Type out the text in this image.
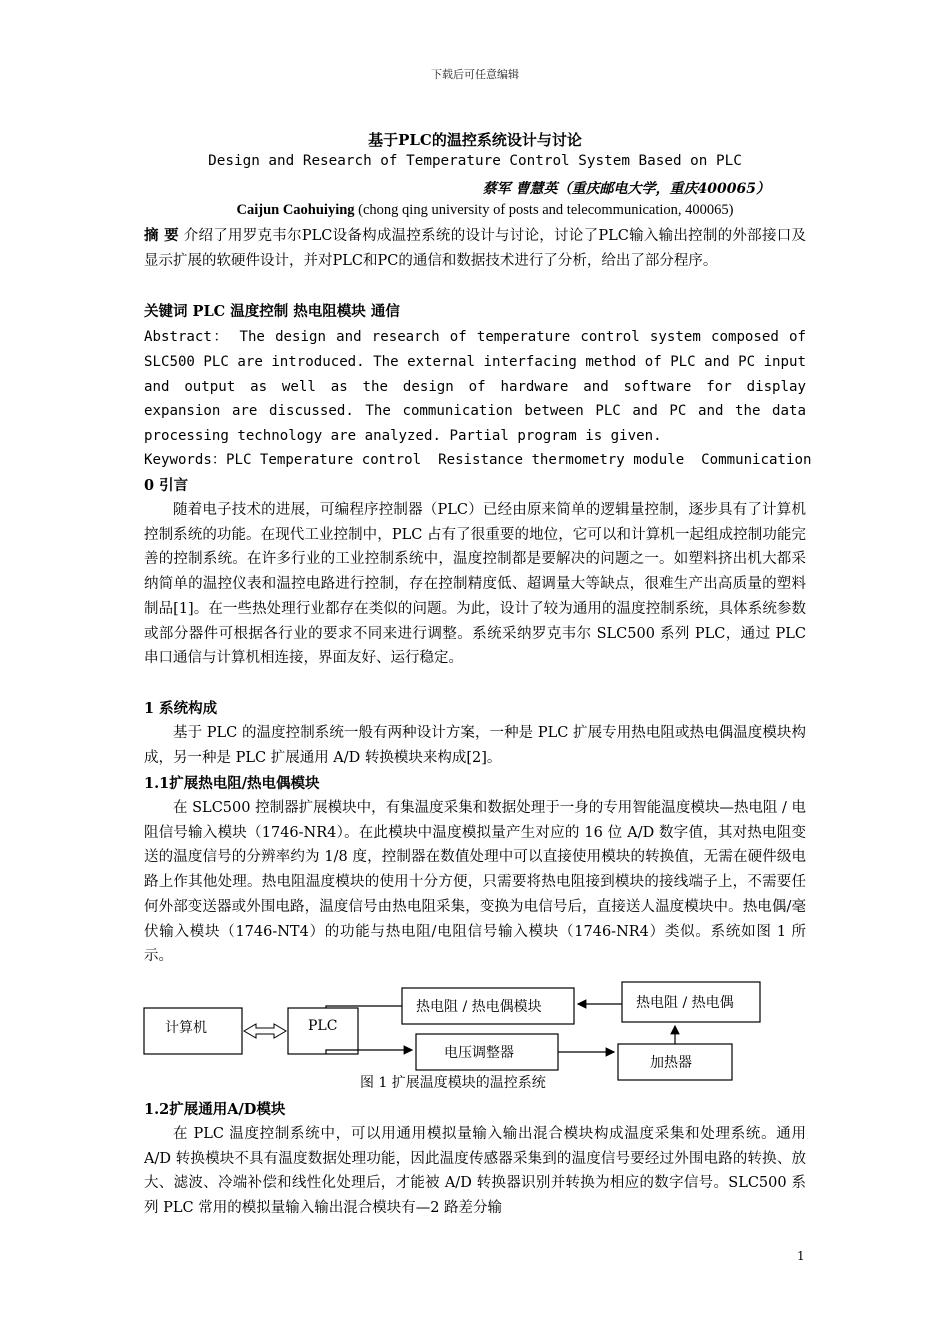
下载后可任意编辑
基于PLC的温控系统设计与讨论
Design and Research of Temperature Control System Based on PLC
蔡军 曹慧英（重庆邮电大学，重庆400065）
Caijun Caohuiying (chong qing university of posts and telecommunication, 400065)
摘 要 介绍了用罗克韦尔PLC设备构成温控系统的设计与讨论，讨论了PLC输入输出控制的外部接口及显示扩展的软硬件设计，并对PLC和PC的通信和数据技术进行了分析，给出了部分程序。
关键词 PLC 温度控制 热电阻模块 通信
Abstract： The design and research of temperature control system composed of SLC500 PLC are introduced. The external interfacing method of PLC and PC input and output as well as the design of hardware and software for display expansion are discussed. The communication between PLC and PC and the data processing technology are analyzed. Partial program is given.
Keywords：PLC Temperature control  Resistance thermometry module  Communication
0 引言
随着电子技术的进展，可编程序控制器（PLC）已经由原来简单的逻辑量控制，逐步具有了计算机控制系统的功能。在现代工业控制中，PLC 占有了很重要的地位，它可以和计算机一起组成控制功能完善的控制系统。在许多行业的工业控制系统中，温度控制都是要解决的问题之一。如塑料挤出机大都采纳简单的温控仪表和温控电路进行控制，存在控制精度低、超调量大等缺点，很难生产出高质量的塑料制品[1]。在一些热处理行业都存在类似的问题。为此，设计了较为通用的温度控制系统，具体系统参数或部分器件可根据各行业的要求不同来进行调整。系统采纳罗克韦尔 SLC500 系列 PLC，通过 PLC 串口通信与计算机相连接，界面友好、运行稳定。
1 系统构成
基于 PLC 的温度控制系统一般有两种设计方案，一种是 PLC 扩展专用热电阻或热电偶温度模块构成，另一种是 PLC 扩展通用 A/D 转换模块来构成[2]。
1.1扩展热电阻/热电偶模块
在 SLC500 控制器扩展模块中，有集温度采集和数据处理于一身的专用智能温度模块—热电阻 / 电阻信号输入模块（1746-NR4）。在此模块中温度模拟量产生对应的 16 位 A/D 数字值，其对热电阻变送的温度信号的分辨率约为 1/8 度，控制器在数值处理中可以直接使用模块的转换值，无需在硬件级电路上作其他处理。热电阻温度模块的使用十分方便，只需要将热电阻接到模块的接线端子上，不需要任何外部变送器或外围电路，温度信号由热电阻采集，变换为电信号后，直接送人温度模块中。热电偶/毫伏输入模块（1746-NT4）的功能与热电阻/电阻信号输入模块（1746-NR4）类似。系统如图 1 所示。
计算机	PLC
热电阻 / 热电偶模块	热电阻 / 热电偶
电压调整器
加热器
图 1 扩展温度模块的温控系统
1.2扩展通用A/D模块
在 PLC 温度控制系统中，可以用通用模拟量输入输出混合模块构成温度采集和处理系统。通用 A/D 转换模块不具有温度数据处理功能，因此温度传感器采集到的温度信号要经过外围电路的转换、放大、滤波、冷端补偿和线性化处理后，才能被 A/D 转换器识别并转换为相应的数字信号。SLC500 系列 PLC 常用的模拟量输入输出混合模块有—2 路差分输
1
